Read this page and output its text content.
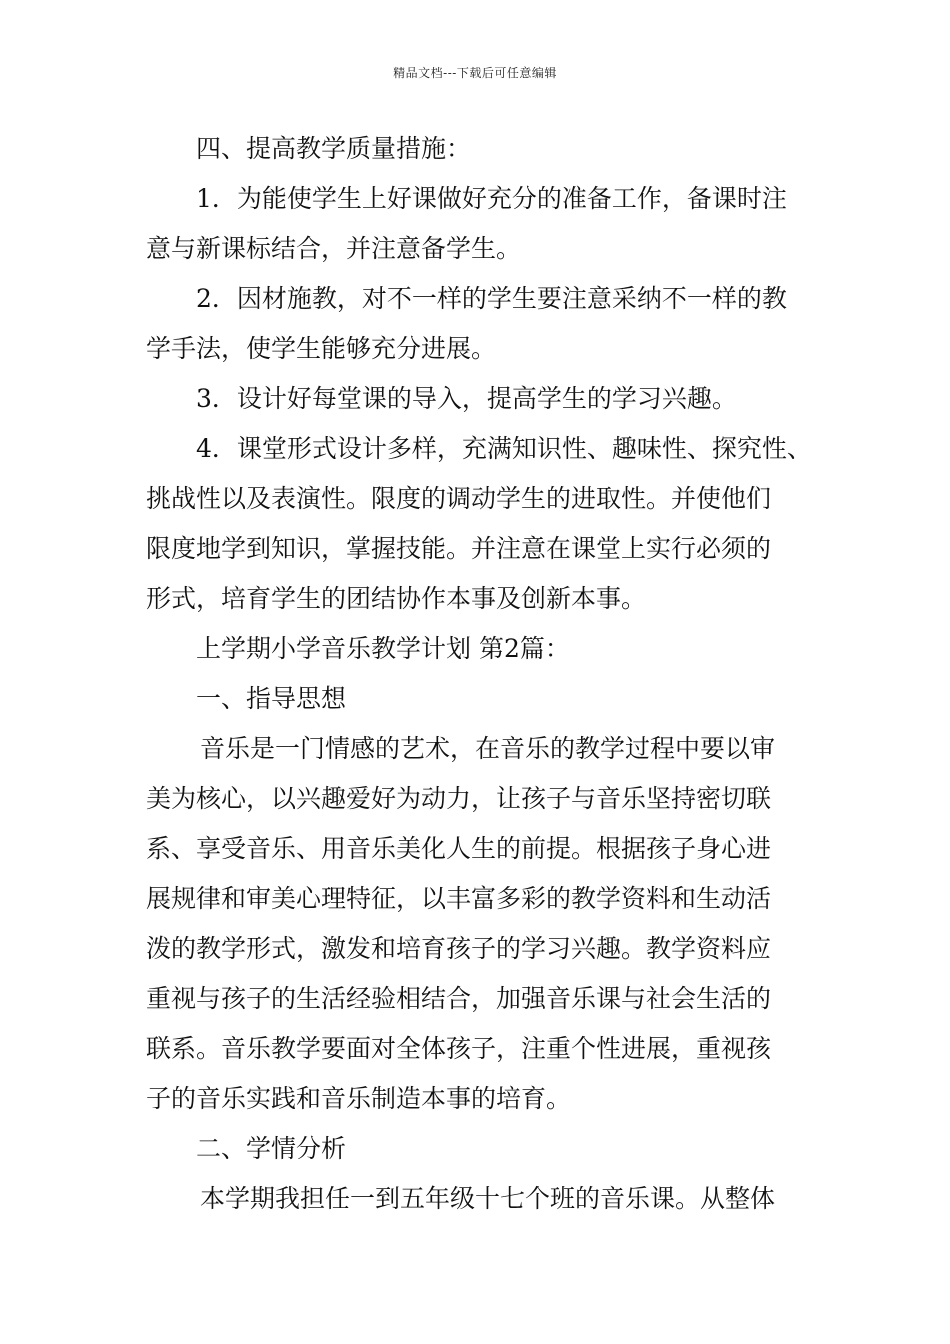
精品文档---下载后可任意编辑
四、提高教学质量措施：
1．为能使学生上好课做好充分的准备工作，备课时注
意与新课标结合，并注意备学生。
2．因材施教，对不一样的学生要注意采纳不一样的教
学手法，使学生能够充分进展。
3．设计好每堂课的导入，提高学生的学习兴趣。
4．课堂形式设计多样，充满知识性、趣味性、探究性、
挑战性以及表演性。限度的调动学生的进取性。并使他们
限度地学到知识，掌握技能。并注意在课堂上实行必须的
形式，培育学生的团结协作本事及创新本事。
上学期小学音乐教学计划 第2篇：
一、指导思想
音乐是一门情感的艺术，在音乐的教学过程中要以审
美为核心，以兴趣爱好为动力，让孩子与音乐坚持密切联
系、享受音乐、用音乐美化人生的前提。根据孩子身心进
展规律和审美心理特征，以丰富多彩的教学资料和生动活
泼的教学形式，激发和培育孩子的学习兴趣。教学资料应
重视与孩子的生活经验相结合，加强音乐课与社会生活的
联系。音乐教学要面对全体孩子，注重个性进展，重视孩
子的音乐实践和音乐制造本事的培育。
二、学情分析
本学期我担任一到五年级十七个班的音乐课。从整体
